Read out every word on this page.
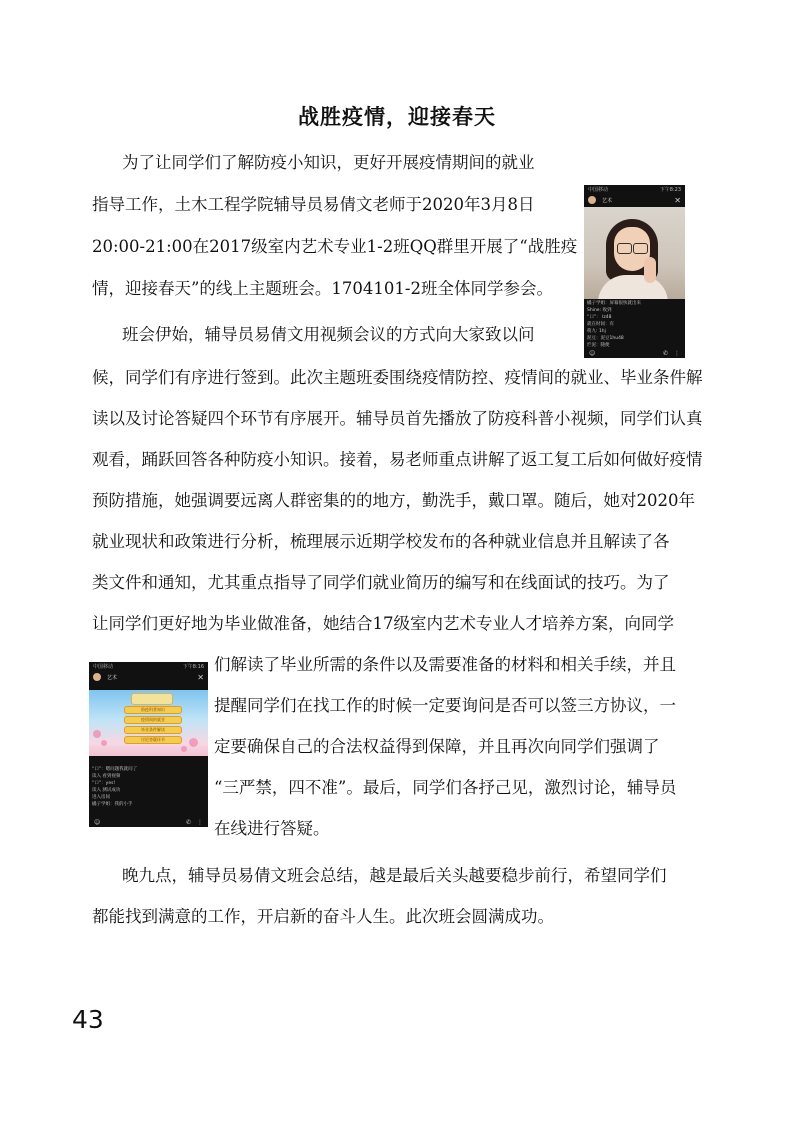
战胜疫情，迎接春天
为了让同学们了解防疫小知识，更好开展疫情期间的就业
指导工作，土木工程学院辅导员易倩文老师于2020年3月8日
20:00-21:00在2017级室内艺术专业1-2班QQ群里开展了“战胜疫
情，迎接春天”的线上主题班会。1704101-2班全体同学参会。
班会伊始，辅导员易倩文用视频会议的方式向大家致以问
候，同学们有序进行签到。此次主题班委围绕疫情防控、疫情间的就业、毕业条件解
读以及讨论答疑四个环节有序展开。辅导员首先播放了防疫科普小视频，同学们认真
观看，踊跃回答各种防疫小知识。接着，易老师重点讲解了返工复工后如何做好疫情
预防措施，她强调要远离人群密集的的地方，勤洗手，戴口罩。随后，她对2020年
就业现状和政策进行分析，梳理展示近期学校发布的各种就业信息并且解读了各
类文件和通知，尤其重点指导了同学们就业简历的编写和在线面试的技巧。为了
让同学们更好地为毕业做准备，她结合17级室内艺术专业人才培养方案，向同学
们解读了毕业所需的条件以及需要准备的材料和相关手续，并且
提醒同学们在找工作的时候一定要询问是否可以签三方协议，一
定要确保自己的合法权益得到保障，并且再次向同学们强调了
“三严禁，四不准”。最后，同学们各抒己见，激烈讨论，辅导员
在线进行答疑。
晚九点，辅导员易倩文班会总结，越是最后关头越要稳步前行，希望同学们
都能找到满意的工作，开启新的奋斗人生。此次班会圆满成功。
中国移动	下午8:23
艺术	✕
橘子学姐：屏幕很快就出来
Shine: 收到
“口”： lz48
就在时间：有
萌九: 1hj
泥豆：泥豆1hu48
烂泥：随便
☺	✆ ⋮
中国移动	下午8:16
艺术	✕
防疫科普知识
疫情间的就业
毕业条件解读
讨论答疑环节
“口”：嗯问题我就问了
读入 看到视频
“口”：yes!
读入 测试成功
进入房间
橘子学姐：我的小手
☺	✆ ⋮
43
